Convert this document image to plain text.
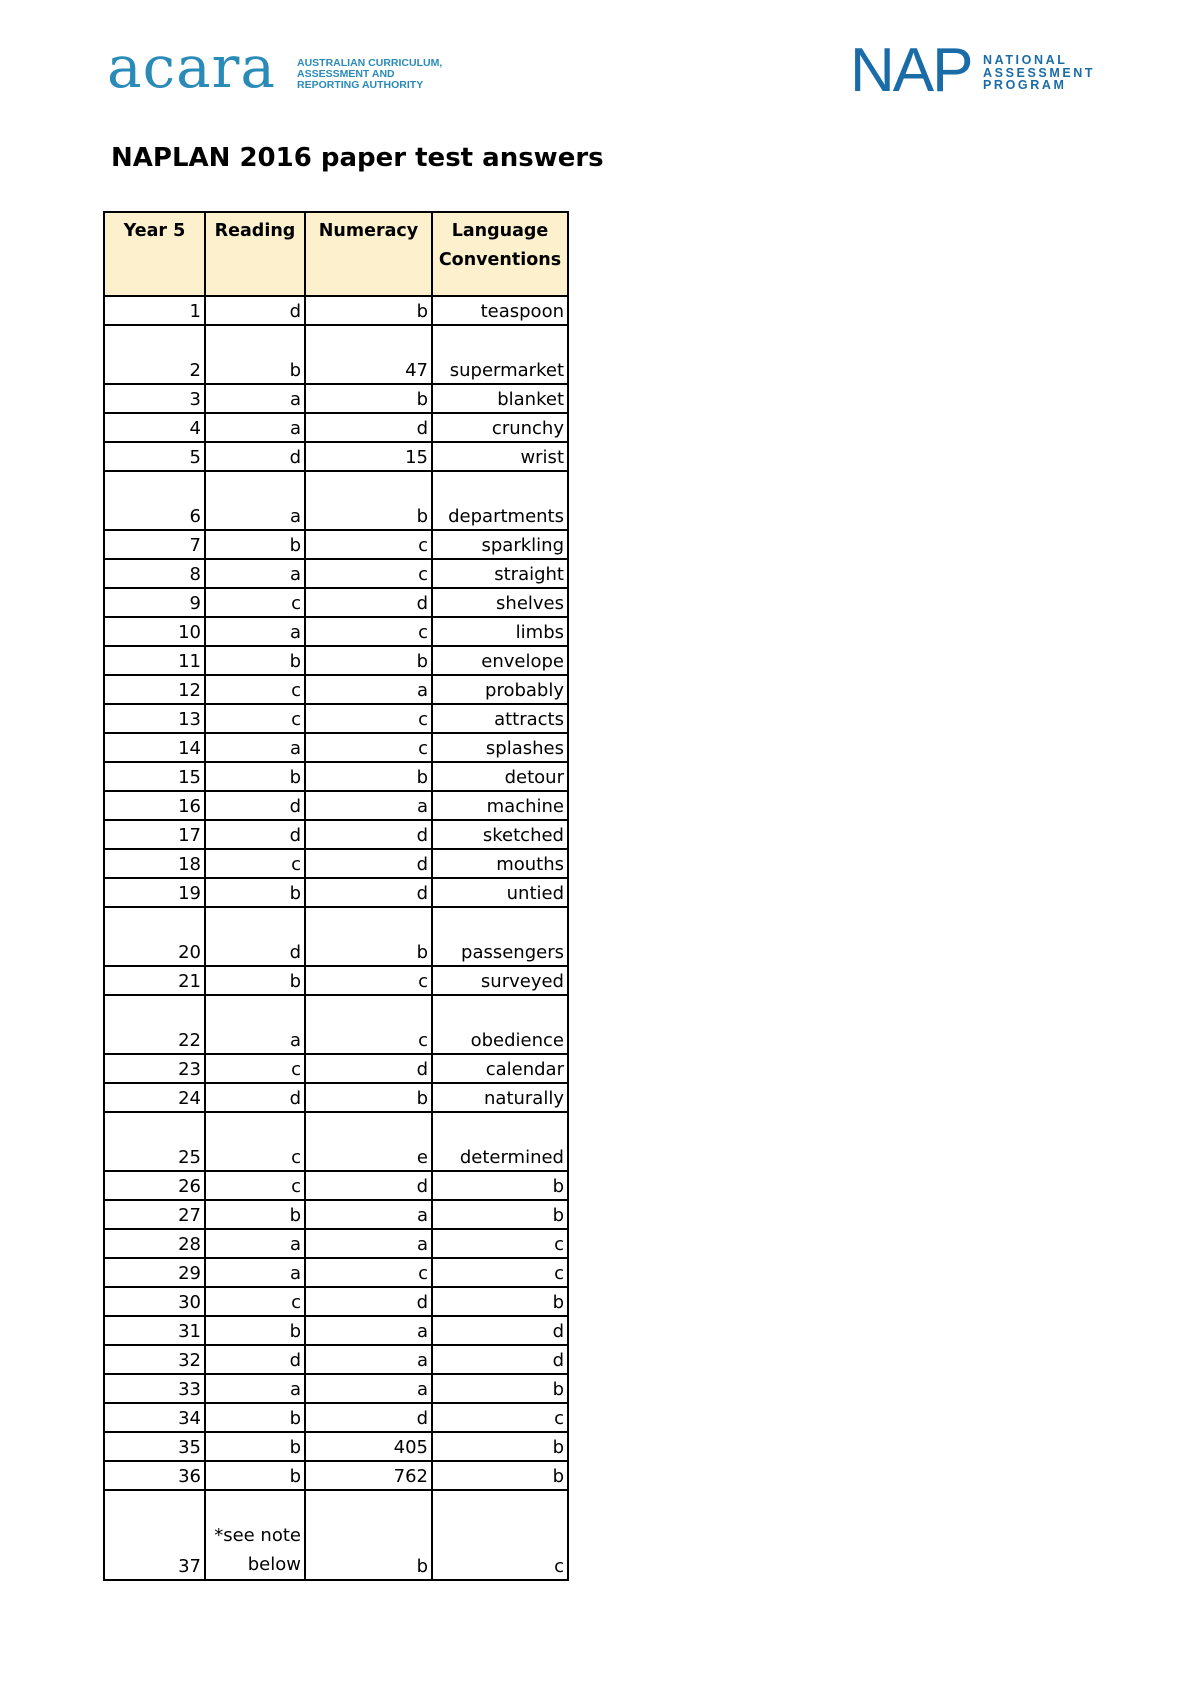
acara AUSTRALIAN CURRICULUM,
ASSESSMENT AND
REPORTING AUTHORITY	NAP NATIONAL
ASSESSMENT
PROGRAM
NAPLAN 2016 paper test answers
Year 5	Reading	Numeracy	Language Conventions
1	d	b	teaspoon
2	b	47	supermarket
3	a	b	blanket
4	a	d	crunchy
5	d	15	wrist
6	a	b	departments
7	b	c	sparkling
8	a	c	straight
9	c	d	shelves
10	a	c	limbs
11	b	b	envelope
12	c	a	probably
13	c	c	attracts
14	a	c	splashes
15	b	b	detour
16	d	a	machine
17	d	d	sketched
18	c	d	mouths
19	b	d	untied
20	d	b	passengers
21	b	c	surveyed
22	a	c	obedience
23	c	d	calendar
24	d	b	naturally
25	c	e	determined
26	c	d	b
27	b	a	b
28	a	a	c
29	a	c	c
30	c	d	b
31	b	a	d
32	d	a	d
33	a	a	b
34	b	d	c
35	b	405	b
36	b	762	b
37	*see note below	b	c
